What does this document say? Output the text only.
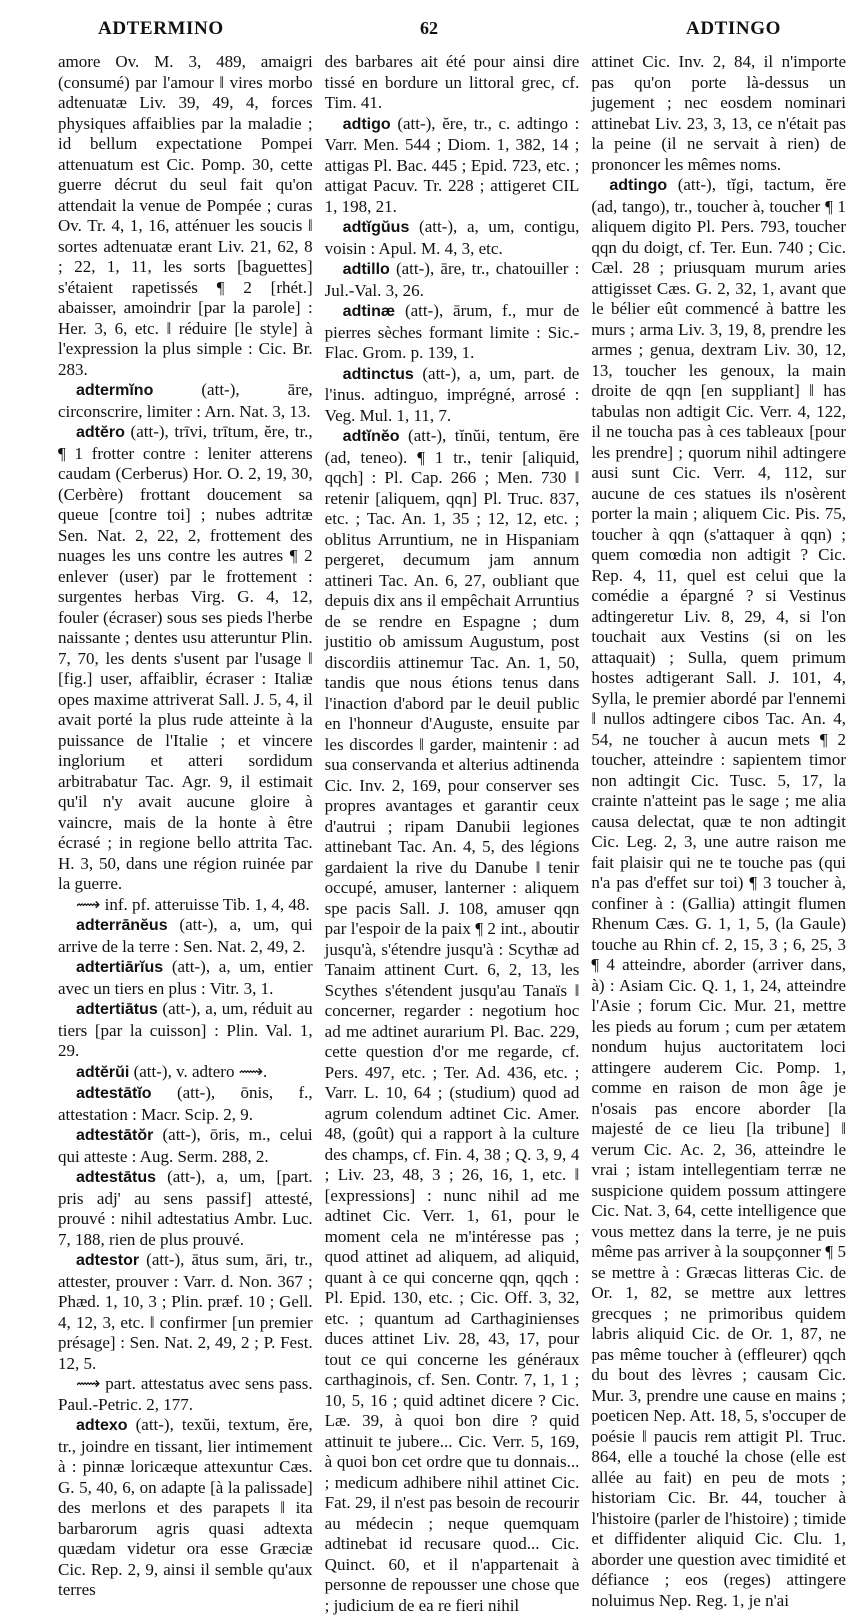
ADTERMINO	62	ADTINGO

amore Ov. M. 3, 489, amaigri (consumé) par l'amour ‖ vires morbo adtenuatæ Liv. 39, 49, 4, forces physiques affaiblies par la maladie ; id bellum expectatione Pompei attenuatum est Cic. Pomp. 30, cette guerre décrut du seul fait qu'on attendait la venue de Pompée ; curas Ov. Tr. 4, 1, 16, atténuer les soucis ‖ sortes adtenuatæ erant Liv. 21, 62, 8 ; 22, 1, 11, les sorts [baguettes] s'étaient rapetissés ¶ 2 [rhét.] abaisser, amoindrir [par la parole] : Her. 3, 6, etc. ‖ réduire [le style] à l'expression la plus simple : Cic. Br. 283.

adtermĭno (att-), āre, circonscrire, limiter : Arn. Nat. 3, 13.

adtĕro (att-), trīvi, trītum, ĕre, tr., ¶ 1 frotter contre : leniter atterens caudam (Cerberus) Hor. O. 2, 19, 30, (Cerbère) frottant doucement sa queue [contre toi] ; nubes adtritæ Sen. Nat. 2, 22, 2, frottement des nuages les uns contre les autres ¶ 2 enlever (user) par le frottement : surgentes herbas Virg. G. 4, 12, fouler (écraser) sous ses pieds l'herbe naissante ; dentes usu atteruntur Plin. 7, 70, les dents s'usent par l'usage ‖ [fig.] user, affaiblir, écraser : Italiæ opes maxime attriverat Sall. J. 5, 4, il avait porté la plus rude atteinte à la puissance de l'Italie ; et vincere inglorium et atteri sordidum arbitrabatur Tac. Agr. 9, il estimait qu'il n'y avait aucune gloire à vaincre, mais de la honte à être écrasé ; in regione bello attrita Tac. H. 3, 50, dans une région ruinée par la guerre.

⟿ inf. pf. atteruisse Tib. 1, 4, 48.

adterrānĕus (att-), a, um, qui arrive de la terre : Sen. Nat. 2, 49, 2.

adtertiārĭus (att-), a, um, entier avec un tiers en plus : Vitr. 3, 1.

adtertiātus (att-), a, um, réduit au tiers [par la cuisson] : Plin. Val. 1, 29.

adtĕrŭi (att-), v. adtero ⟿.

adtestātĭo (att-), ōnis, f., attestation : Macr. Scip. 2, 9.

adtestātŏr (att-), ōris, m., celui qui atteste : Aug. Serm. 288, 2.

adtestātus (att-), a, um, [part. pris adj' au sens passif] attesté, prouvé : nihil adtestatius Ambr. Luc. 7, 188, rien de plus prouvé.

adtestor (att-), ātus sum, āri, tr., attester, prouver : Varr. d. Non. 367 ; Phæd. 1, 10, 3 ; Plin. præf. 10 ; Gell. 4, 12, 3, etc. ‖ confirmer [un premier présage] : Sen. Nat. 2, 49, 2 ; P. Fest. 12, 5.

⟿ part. attestatus avec sens pass. Paul.-Petric. 2, 177.

adtexo (att-), texŭi, textum, ĕre, tr., joindre en tissant, lier intimement à : pinnæ loricæque attexuntur Cæs. G. 5, 40, 6, on adapte [à la palissade] des merlons et des parapets ‖ ita barbarorum agris quasi adtexta quædam videtur ora esse Græciæ Cic. Rep. 2, 9, ainsi il semble qu'aux terres

des barbares ait été pour ainsi dire tissé en bordure un littoral grec, cf. Tim. 41.

adtigo (att-), ĕre, tr., c. adtingo : Varr. Men. 544 ; Diom. 1, 382, 14 ; attigas Pl. Bac. 445 ; Epid. 723, etc. ; attigat Pacuv. Tr. 228 ; attigeret CIL 1, 198, 21.

adtĭgŭus (att-), a, um, contigu, voisin : Apul. M. 4, 3, etc.

adtillo (att-), āre, tr., chatouiller : Jul.-Val. 3, 26.

adtinæ (att-), ārum, f., mur de pierres sèches formant limite : Sic.-Flac. Grom. p. 139, 1.

adtinctus (att-), a, um, part. de l'inus. adtinguo, imprégné, arrosé : Veg. Mul. 1, 11, 7.

adtĭnĕo (att-), tĭnŭi, tentum, ēre (ad, teneo). ¶ 1 tr., tenir [aliquid, qqch] : Pl. Cap. 266 ; Men. 730 ‖ retenir [aliquem, qqn] Pl. Truc. 837, etc. ; Tac. An. 1, 35 ; 12, 12, etc. ; oblitus Arruntium, ne in Hispaniam pergeret, decumum jam annum attineri Tac. An. 6, 27, oubliant que depuis dix ans il empêchait Arruntius de se rendre en Espagne ; dum justitio ob amissum Augustum, post discordiis attinemur Tac. An. 1, 50, tandis que nous étions tenus dans l'inaction d'abord par le deuil public en l'honneur d'Auguste, ensuite par les discordes ‖ garder, maintenir : ad sua conservanda et alterius adtinenda Cic. Inv. 2, 169, pour conserver ses propres avantages et garantir ceux d'autrui ; ripam Danubii legiones attinebant Tac. An. 4, 5, des légions gardaient la rive du Danube ‖ tenir occupé, amuser, lanterner : aliquem spe pacis Sall. J. 108, amuser qqn par l'espoir de la paix ¶ 2 int., aboutir jusqu'à, s'étendre jusqu'à : Scythæ ad Tanaim attinent Curt. 6, 2, 13, les Scythes s'étendent jusqu'au Tanaïs ‖ concerner, regarder : negotium hoc ad me adtinet aurarium Pl. Bac. 229, cette question d'or me regarde, cf. Pers. 497, etc. ; Ter. Ad. 436, etc. ; Varr. L. 10, 64 ; (studium) quod ad agrum colendum adtinet Cic. Amer. 48, (goût) qui a rapport à la culture des champs, cf. Fin. 4, 38 ; Q. 3, 9, 4 ; Liv. 23, 48, 3 ; 26, 16, 1, etc. ‖ [expressions] : nunc nihil ad me adtinet Cic. Verr. 1, 61, pour le moment cela ne m'intéresse pas ; quod attinet ad aliquem, ad aliquid, quant à ce qui concerne qqn, qqch : Pl. Epid. 130, etc. ; Cic. Off. 3, 32, etc. ; quantum ad Carthaginienses duces attinet Liv. 28, 43, 17, pour tout ce qui concerne les généraux carthaginois, cf. Sen. Contr. 7, 1, 1 ; 10, 5, 16 ; quid adtinet dicere ? Cic. Læ. 39, à quoi bon dire ? quid attinuit te jubere... Cic. Verr. 5, 169, à quoi bon cet ordre que tu donnais... ; medicum adhibere nihil attinet Cic. Fat. 29, il n'est pas besoin de recourir au médecin ; neque quemquam adtinebat id recusare quod... Cic. Quinct. 60, et il n'appartenait à personne de repousser une chose que ; judicium de ea re fieri nihil

attinet Cic. Inv. 2, 84, il n'importe pas qu'on porte là-dessus un jugement ; nec eosdem nominari attinebat Liv. 23, 3, 13, ce n'était pas la peine (il ne servait à rien) de prononcer les mêmes noms.

adtingo (att-), tĭgi, tactum, ĕre (ad, tango), tr., toucher à, toucher ¶ 1 aliquem digito Pl. Pers. 793, toucher qqn du doigt, cf. Ter. Eun. 740 ; Cic. Cæl. 28 ; priusquam murum aries attigisset Cæs. G. 2, 32, 1, avant que le bélier eût commencé à battre les murs ; arma Liv. 3, 19, 8, prendre les armes ; genua, dextram Liv. 30, 12, 13, toucher les genoux, la main droite de qqn [en suppliant] ‖ has tabulas non adtigit Cic. Verr. 4, 122, il ne toucha pas à ces tableaux [pour les prendre] ; quorum nihil adtingere ausi sunt Cic. Verr. 4, 112, sur aucune de ces statues ils n'osèrent porter la main ; aliquem Cic. Pis. 75, toucher à qqn (s'attaquer à qqn) ; quem comœdia non adtigit ? Cic. Rep. 4, 11, quel est celui que la comédie a épargné ? si Vestinus adtingeretur Liv. 8, 29, 4, si l'on touchait aux Vestins (si on les attaquait) ; Sulla, quem primum hostes adtigerant Sall. J. 101, 4, Sylla, le premier abordé par l'ennemi ‖ nullos adtingere cibos Tac. An. 4, 54, ne toucher à aucun mets ¶ 2 toucher, atteindre : sapientem timor non adtingit Cic. Tusc. 5, 17, la crainte n'atteint pas le sage ; me alia causa delectat, quæ te non adtingit Cic. Leg. 2, 3, une autre raison me fait plaisir qui ne te touche pas (qui n'a pas d'effet sur toi) ¶ 3 toucher à, confiner à : (Gallia) attingit flumen Rhenum Cæs. G. 1, 1, 5, (la Gaule) touche au Rhin cf. 2, 15, 3 ; 6, 25, 3 ¶ 4 atteindre, aborder (arriver dans, à) : Asiam Cic. Q. 1, 1, 24, atteindre l'Asie ; forum Cic. Mur. 21, mettre les pieds au forum ; cum per ætatem nondum hujus auctoritatem loci attingere auderem Cic. Pomp. 1, comme en raison de mon âge je n'osais pas encore aborder [la majesté de ce lieu [la tribune] ‖ verum Cic. Ac. 2, 36, atteindre le vrai ; istam intellegentiam terræ ne suspicione quidem possum attingere Cic. Nat. 3, 64, cette intelligence que vous mettez dans la terre, je ne puis même pas arriver à la soupçonner ¶ 5 se mettre à : Græcas litteras Cic. de Or. 1, 82, se mettre aux lettres grecques ; ne primoribus quidem labris aliquid Cic. de Or. 1, 87, ne pas même toucher à (effleurer) qqch du bout des lèvres ; causam Cic. Mur. 3, prendre une cause en mains ; poeticen Nep. Att. 18, 5, s'occuper de poésie ‖ paucis rem attigit Pl. Truc. 864, elle a touché la chose (elle est allée au fait) en peu de mots ; historiam Cic. Br. 44, toucher à l'histoire (parler de l'histoire) ; timide et diffidenter aliquid Cic. Clu. 1, aborder une question avec timidité et défiance ; eos (reges) attingere noluimus Nep. Reg. 1, je n'ai
